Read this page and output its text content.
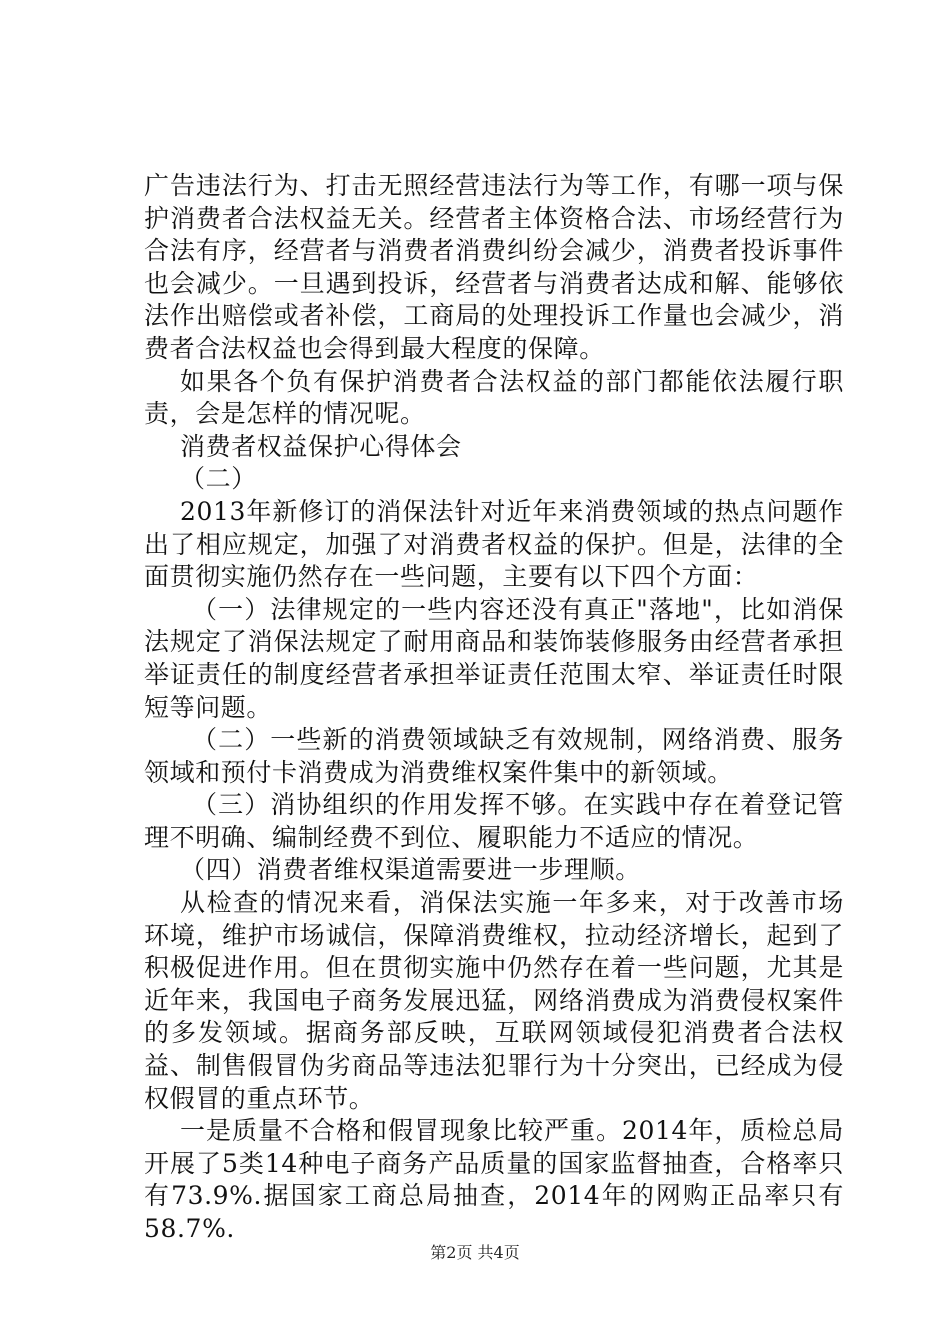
广告违法行为、打击无照经营违法行为等工作，有哪一项与保护消费者合法权益无关。经营者主体资格合法、市场经营行为合法有序，经营者与消费者消费纠纷会减少，消费者投诉事件也会减少。一旦遇到投诉，经营者与消费者达成和解、能够依法作出赔偿或者补偿，工商局的处理投诉工作量也会减少，消费者合法权益也会得到最大程度的保障。

如果各个负有保护消费者合法权益的部门都能依法履行职责，会是怎样的情况呢。

消费者权益保护心得体会

（二）

2013年新修订的消保法针对近年来消费领域的热点问题作出了相应规定，加强了对消费者权益的保护。但是，法律的全面贯彻实施仍然存在一些问题，主要有以下四个方面：

（一）法律规定的一些内容还没有真正"落地"，比如消保法规定了消保法规定了耐用商品和装饰装修服务由经营者承担举证责任的制度经营者承担举证责任范围太窄、举证责任时限短等问题。

（二）一些新的消费领域缺乏有效规制，网络消费、服务领域和预付卡消费成为消费维权案件集中的新领域。

（三）消协组织的作用发挥不够。在实践中存在着登记管理不明确、编制经费不到位、履职能力不适应的情况。

（四）消费者维权渠道需要进一步理顺。

从检查的情况来看，消保法实施一年多来，对于改善市场环境，维护市场诚信，保障消费维权，拉动经济增长，起到了积极促进作用。但在贯彻实施中仍然存在着一些问题，尤其是近年来，我国电子商务发展迅猛，网络消费成为消费侵权案件的多发领域。据商务部反映，互联网领域侵犯消费者合法权益、制售假冒伪劣商品等违法犯罪行为十分突出，已经成为侵权假冒的重点环节。

一是质量不合格和假冒现象比较严重。2014年，质检总局开展了5类14种电子商务产品质量的国家监督抽查，合格率只有73.9%.据国家工商总局抽查，2014年的网购正品率只有58.7%.

第2页 共4页
